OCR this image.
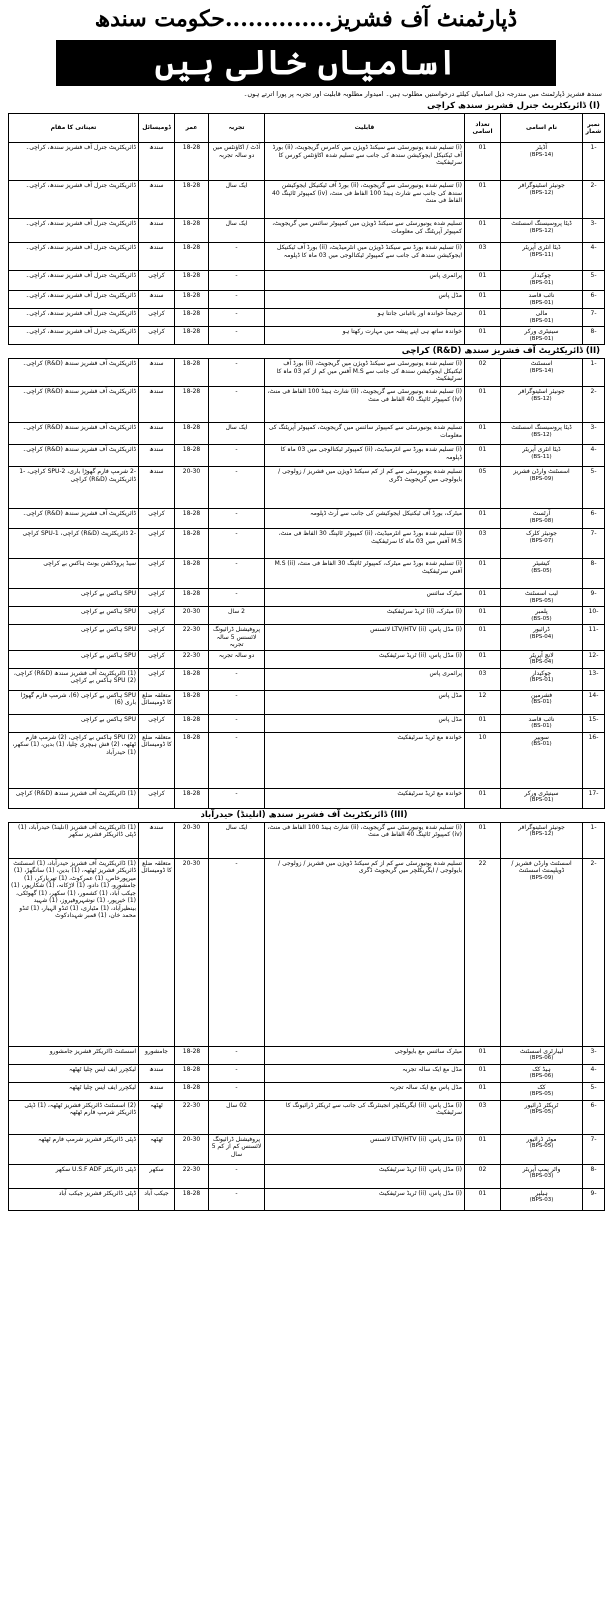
ڈپارٹمنٹ آف فشریز..............حکومت سندھ
اسامیاں خالی ہیں
سندھ فشریز ڈپارٹمنٹ میں مندرجہ ذیل اسامیاں کیلئے درخواستیں مطلوب ہیں۔ امیدوار مطلوبہ قابلیت اور تجربہ پر پورا اترتے ہوں۔
(I) ڈائریکٹریٹ جنرل فشریز سندھ کراچی
نمبر شمار	نام اسامی	تعداد اسامی	قابلیت	تجربہ	عمر	ڈومیسائل	تعیناتی کا مقام
-1	آڈیٹر
(BPS-14)	01	(i) تسلیم شدہ یونیورسٹی سے سیکنڈ ڈویژن میں کامرس گریجویٹ، (ii) بورڈ آف ٹیکنیکل ایجوکیشن سندھ کی جانب سے تسلیم شدہ اکاؤنٹس کورس کا سرٹیفکیٹ	آڈٹ / اکاؤنٹس میں دو سالہ تجربہ	18-28	سندھ	ڈائریکٹریٹ جنرل آف فشریز سندھ، کراچی۔
-2	جونیئر اسٹینوگرافر
(BPS-12)	01	(i) تسلیم شدہ یونیورسٹی سے گریجویٹ، (ii) بورڈ آف ٹیکنیکل ایجوکیشن سندھ کی جانب سے شارٹ ہینڈ 100 الفاظ فی منٹ، (iv) کمپیوٹر ٹائپنگ 40 الفاظ فی منٹ	ایک سال	18-28	سندھ	ڈائریکٹریٹ جنرل آف فشریز سندھ، کراچی۔
-3	ڈیٹا پروسیسنگ اسسٹنٹ
(BPS-12)	01	تسلیم شدہ یونیورسٹی سے سیکنڈ ڈویژن میں کمپیوٹر سائنس میں گریجویٹ، کمپیوٹر آپریٹنگ کی معلومات	ایک سال	18-28	سندھ	ڈائریکٹریٹ جنرل آف فشریز سندھ، کراچی۔
-4	ڈیٹا انٹری آپریٹر
(BPS-11)	03	(i) تسلیم شدہ بورڈ سے سیکنڈ ڈویژن میں انٹرمیڈیٹ، (ii) بورڈ آف ٹیکنیکل ایجوکیشن سندھ کی جانب سے کمپیوٹر ٹیکنالوجی میں 03 ماہ کا ڈپلومہ	-	18-28	سندھ	ڈائریکٹریٹ جنرل آف فشریز سندھ، کراچی۔
-5	چوکیدار
(BPS-01)	01	پرائمری پاس	-	18-28	کراچی	ڈائریکٹریٹ جنرل آف فشریز سندھ، کراچی۔
-6	نائب قاصد
(BPS-01)	01	مڈل پاس	-	18-28	سندھ	ڈائریکٹریٹ جنرل آف فشریز سندھ، کراچی۔
-7	مالی
(BPS-01)	01	ترجیحاً خواندہ اور باغبانی جانتا ہو	-	18-28	کراچی	ڈائریکٹریٹ جنرل آف فشریز سندھ، کراچی۔
-8	سینیٹری ورکر
(BPS-01)	01	خواندہ ساتھ ہی اپنے پیشہ میں مہارت رکھتا ہو	-	18-28	کراچی	ڈائریکٹریٹ جنرل آف فشریز سندھ، کراچی۔
(II) ڈائریکٹریٹ آف فشریز سندھ (R&D) کراچی
-1	اسسٹنٹ
(BPS-14)	02	(i) تسلیم شدہ یونیورسٹی سے سیکنڈ ڈویژن میں گریجویٹ، (ii) بورڈ آف ٹیکنیکل ایجوکیشن سندھ کی جانب سے M.S آفس میں کم از کم 03 ماہ کا سرٹیفکیٹ	-	18-28	سندھ	ڈائریکٹریٹ آف فشریز سندھ (R&D) کراچی۔
-2	جونیئر اسٹینوگرافر
(BS-12)	01	(i) تسلیم شدہ یونیورسٹی سے گریجویٹ، (ii) شارٹ ہینڈ 100 الفاظ فی منٹ، (iv) کمپیوٹر ٹائپنگ 40 الفاظ فی منٹ	-	18-28	سندھ	ڈائریکٹریٹ آف فشریز سندھ (R&D) کراچی۔
-3	ڈیٹا پروسیسنگ اسسٹنٹ
(BS-12)	01	تسلیم شدہ یونیورسٹی سے کمپیوٹر سائنس میں گریجویٹ، کمپیوٹر آپریٹنگ کی معلومات	ایک سال	18-28	سندھ	ڈائریکٹریٹ آف فشریز سندھ (R&D) کراچی۔
-4	ڈیٹا انٹری آپریٹر
(BS-11)	01	(i) تسلیم شدہ بورڈ سے انٹرمیڈیٹ، (ii) کمپیوٹر ٹیکنالوجی میں 03 ماہ کا ڈپلومہ	-	18-28	سندھ	ڈائریکٹریٹ آف فشریز سندھ (R&D) کراچی۔
-5	اسسٹنٹ وارڈن فشریز
(BPS-09)	05	تسلیم شدہ یونیورسٹی سے کم از کم سیکنڈ ڈویژن میں فشریز / زولوجی / بایولوجی میں گریجویٹ ڈگری	-	20-30	سندھ	-2 شرمپ فارم گھوڑا باری، SPU-2 کراچی، -1 ڈائریکٹریٹ (R&D) کراچی
-6	آرٹسٹ
(BPS-08)	01	میٹرک، بورڈ آف ٹیکنیکل ایجوکیشن کی جانب سے آرٹ ڈپلومہ	-	18-28	کراچی	ڈائریکٹریٹ آف فشریز سندھ (R&D) کراچی۔
-7	جونیئر کلرک
(BPS-07)	03	(i) تسلیم شدہ بورڈ سے انٹرمیڈیٹ، (ii) کمپیوٹر ٹائپنگ 30 الفاظ فی منٹ، M.S آفس میں 03 ماہ کا سرٹیفکیٹ	-	18-28	کراچی	-2 ڈائریکٹریٹ (R&D) کراچی، SPU-1 کراچی
-8	کیشیئر
(BS-05)	01	(i) تسلیم شدہ بورڈ سے میٹرک، کمپیوٹر ٹائپنگ 30 الفاظ فی منٹ، (ii) M.S آفس سرٹیفکیٹ	-	18-28	کراچی	سیڈ پروڈکشن یونٹ ہاکس بے کراچی
-9	لیب اسسٹنٹ
(BPS-05)	01	میٹرک سائنس	-	18-28	کراچی	SPU ہاکس بے کراچی
-10	پلمبر
(BS-05)	01	(i) میٹرک، (ii) ٹریڈ سرٹیفکیٹ	2 سال	20-30	کراچی	SPU ہاکس بے کراچی
-11	ڈرائیور
(BPS-04)	01	(i) مڈل پاس، (ii) LTV/HTV لائسنس	پروفیشنل ڈرائیونگ لائسنس 5 سالہ تجربہ	22-30	کراچی	SPU ہاکس بے کراچی
-12	لانچ آپریٹر
(BPS-04)	01	(i) مڈل پاس، (ii) ٹریڈ سرٹیفکیٹ	دو سالہ تجربہ	22-30	کراچی	SPU ہاکس بے کراچی
-13	چوکیدار
(BPS-01)	03	پرائمری پاس	-	18-28	کراچی	(1) ڈائریکٹریٹ آف فشریز سندھ (R&D) کراچی، (2) SPU ہاکس بے کراچی
-14	فشرمین
(BS-01)	12	مڈل پاس	-	18-28	متعلقہ ضلع کا ڈومیسائل	SPU ہاکس بے کراچی (6)، شرمپ فارم گھوڑا باری (6)
-15	نائب قاصد
(BS-01)	01	مڈل پاس	-	18-28	کراچی	SPU ہاکس بے کراچی
-16	سویپر
(BS-01)	10	خواندہ مع ٹریڈ سرٹیفکیٹ	-	18-28	متعلقہ ضلع کا ڈومیسائل	(2) SPU ہاکس بے کراچی، (2) شرمپ فارم ٹھٹھہ، (2) فش ہیچری چلیا، (1) بدین، (1) سکھر، (1) حیدرآباد
-17	سینیٹری ورکر
(BPS-01)	01	خواندہ مع ٹریڈ سرٹیفکیٹ	-	18-28	کراچی	(1) ڈائریکٹریٹ آف فشریز سندھ (R&D) کراچی
(III) ڈائریکٹریٹ آف فشریز سندھ (انلینڈ) حیدرآباد
-1	جونیئر اسٹینوگرافر
(BPS-12)	01	(i) تسلیم شدہ یونیورسٹی سے گریجویٹ، (ii) شارٹ ہینڈ 100 الفاظ فی منٹ، (iv) کمپیوٹر ٹائپنگ 40 الفاظ فی منٹ	ایک سال	20-30	سندھ	(1) ڈائریکٹریٹ آف فشریز (انلینڈ) حیدرآباد، (1) ڈپٹی ڈائریکٹر فشریز سکھر
-2	اسسٹنٹ وارڈن فشریز / ڈویلپمنٹ اسسٹنٹ
(BPS-09)	22	تسلیم شدہ یونیورسٹی سے کم از کم سیکنڈ ڈویژن میں فشریز / زولوجی / بایولوجی / ایگریکلچر میں گریجویٹ ڈگری	-	20-30	متعلقہ ضلع کا ڈومیسائل	(1) ڈائریکٹریٹ آف فشریز حیدرآباد، (1) اسسٹنٹ ڈائریکٹر فشریز ٹھٹھہ، (1) بدین، (1) سانگھڑ، (1) میرپورخاص، (1) عمرکوٹ، (1) تھرپارکر، (1) جامشورو، (1) دادو، (1) لاڑکانہ، (1) شکارپور، (1) جیکب آباد، (1) کشمور، (1) سکھر، (1) گھوٹکی، (1) خیرپور، (1) نوشہروفیروز، (1) شہید بینظیرآباد، (1) مٹیاری، (1) ٹنڈو الہیار، (1) ٹنڈو محمد خان، (1) قمبر شہدادکوٹ
-3	لیبارٹری اسسٹنٹ
(BPS-06)	01	میٹرک سائنس مع بایولوجی	-	18-28	جامشورو	اسسٹنٹ ڈائریکٹر فشریز جامشورو
-4	ہیڈ کک
(BPS-06)	01	مڈل مع ایک سالہ تجربہ	-	18-28	سندھ	لیکچرر ایف ایس چلیا ٹھٹھہ
-5	کک
(BPS-05)	01	مڈل پاس مع ایک سالہ تجربہ	-	18-28	سندھ	لیکچرر ایف ایس چلیا ٹھٹھہ
-6	ٹریکٹر ڈرائیور
(BPS-05)	03	(i) مڈل پاس، (ii) ایگریکلچر انجینئرنگ کی جانب سے ٹریکٹر ڈرائیونگ کا سرٹیفکیٹ	02 سال	22-30	ٹھٹھہ	(2) اسسٹنٹ ڈائریکٹر فشریز ٹھٹھہ، (1) ڈپٹی ڈائریکٹر شرمپ فارم ٹھٹھہ
-7	موٹر ڈرائیور
(BPS-05)	01	(i) مڈل پاس، (ii) LTV/HTV لائسنس	پروفیشنل ڈرائیونگ لائسنس کم از کم 5 سال	20-30	ٹھٹھہ	ڈپٹی ڈائریکٹر فشریز شرمپ فارم ٹھٹھہ
-8	واٹر پمپ آپریٹر
(BPS-03)	02	(i) مڈل پاس، (ii) ٹریڈ سرٹیفکیٹ	-	22-30	سکھر	ڈپٹی ڈائریکٹر U.S.F ADF سکھر
-9	ہیلپر
(BPS-03)	01	(i) مڈل پاس، (ii) ٹریڈ سرٹیفکیٹ	-	18-28	جیکب آباد	ڈپٹی ڈائریکٹر فشریز جیکب آباد
